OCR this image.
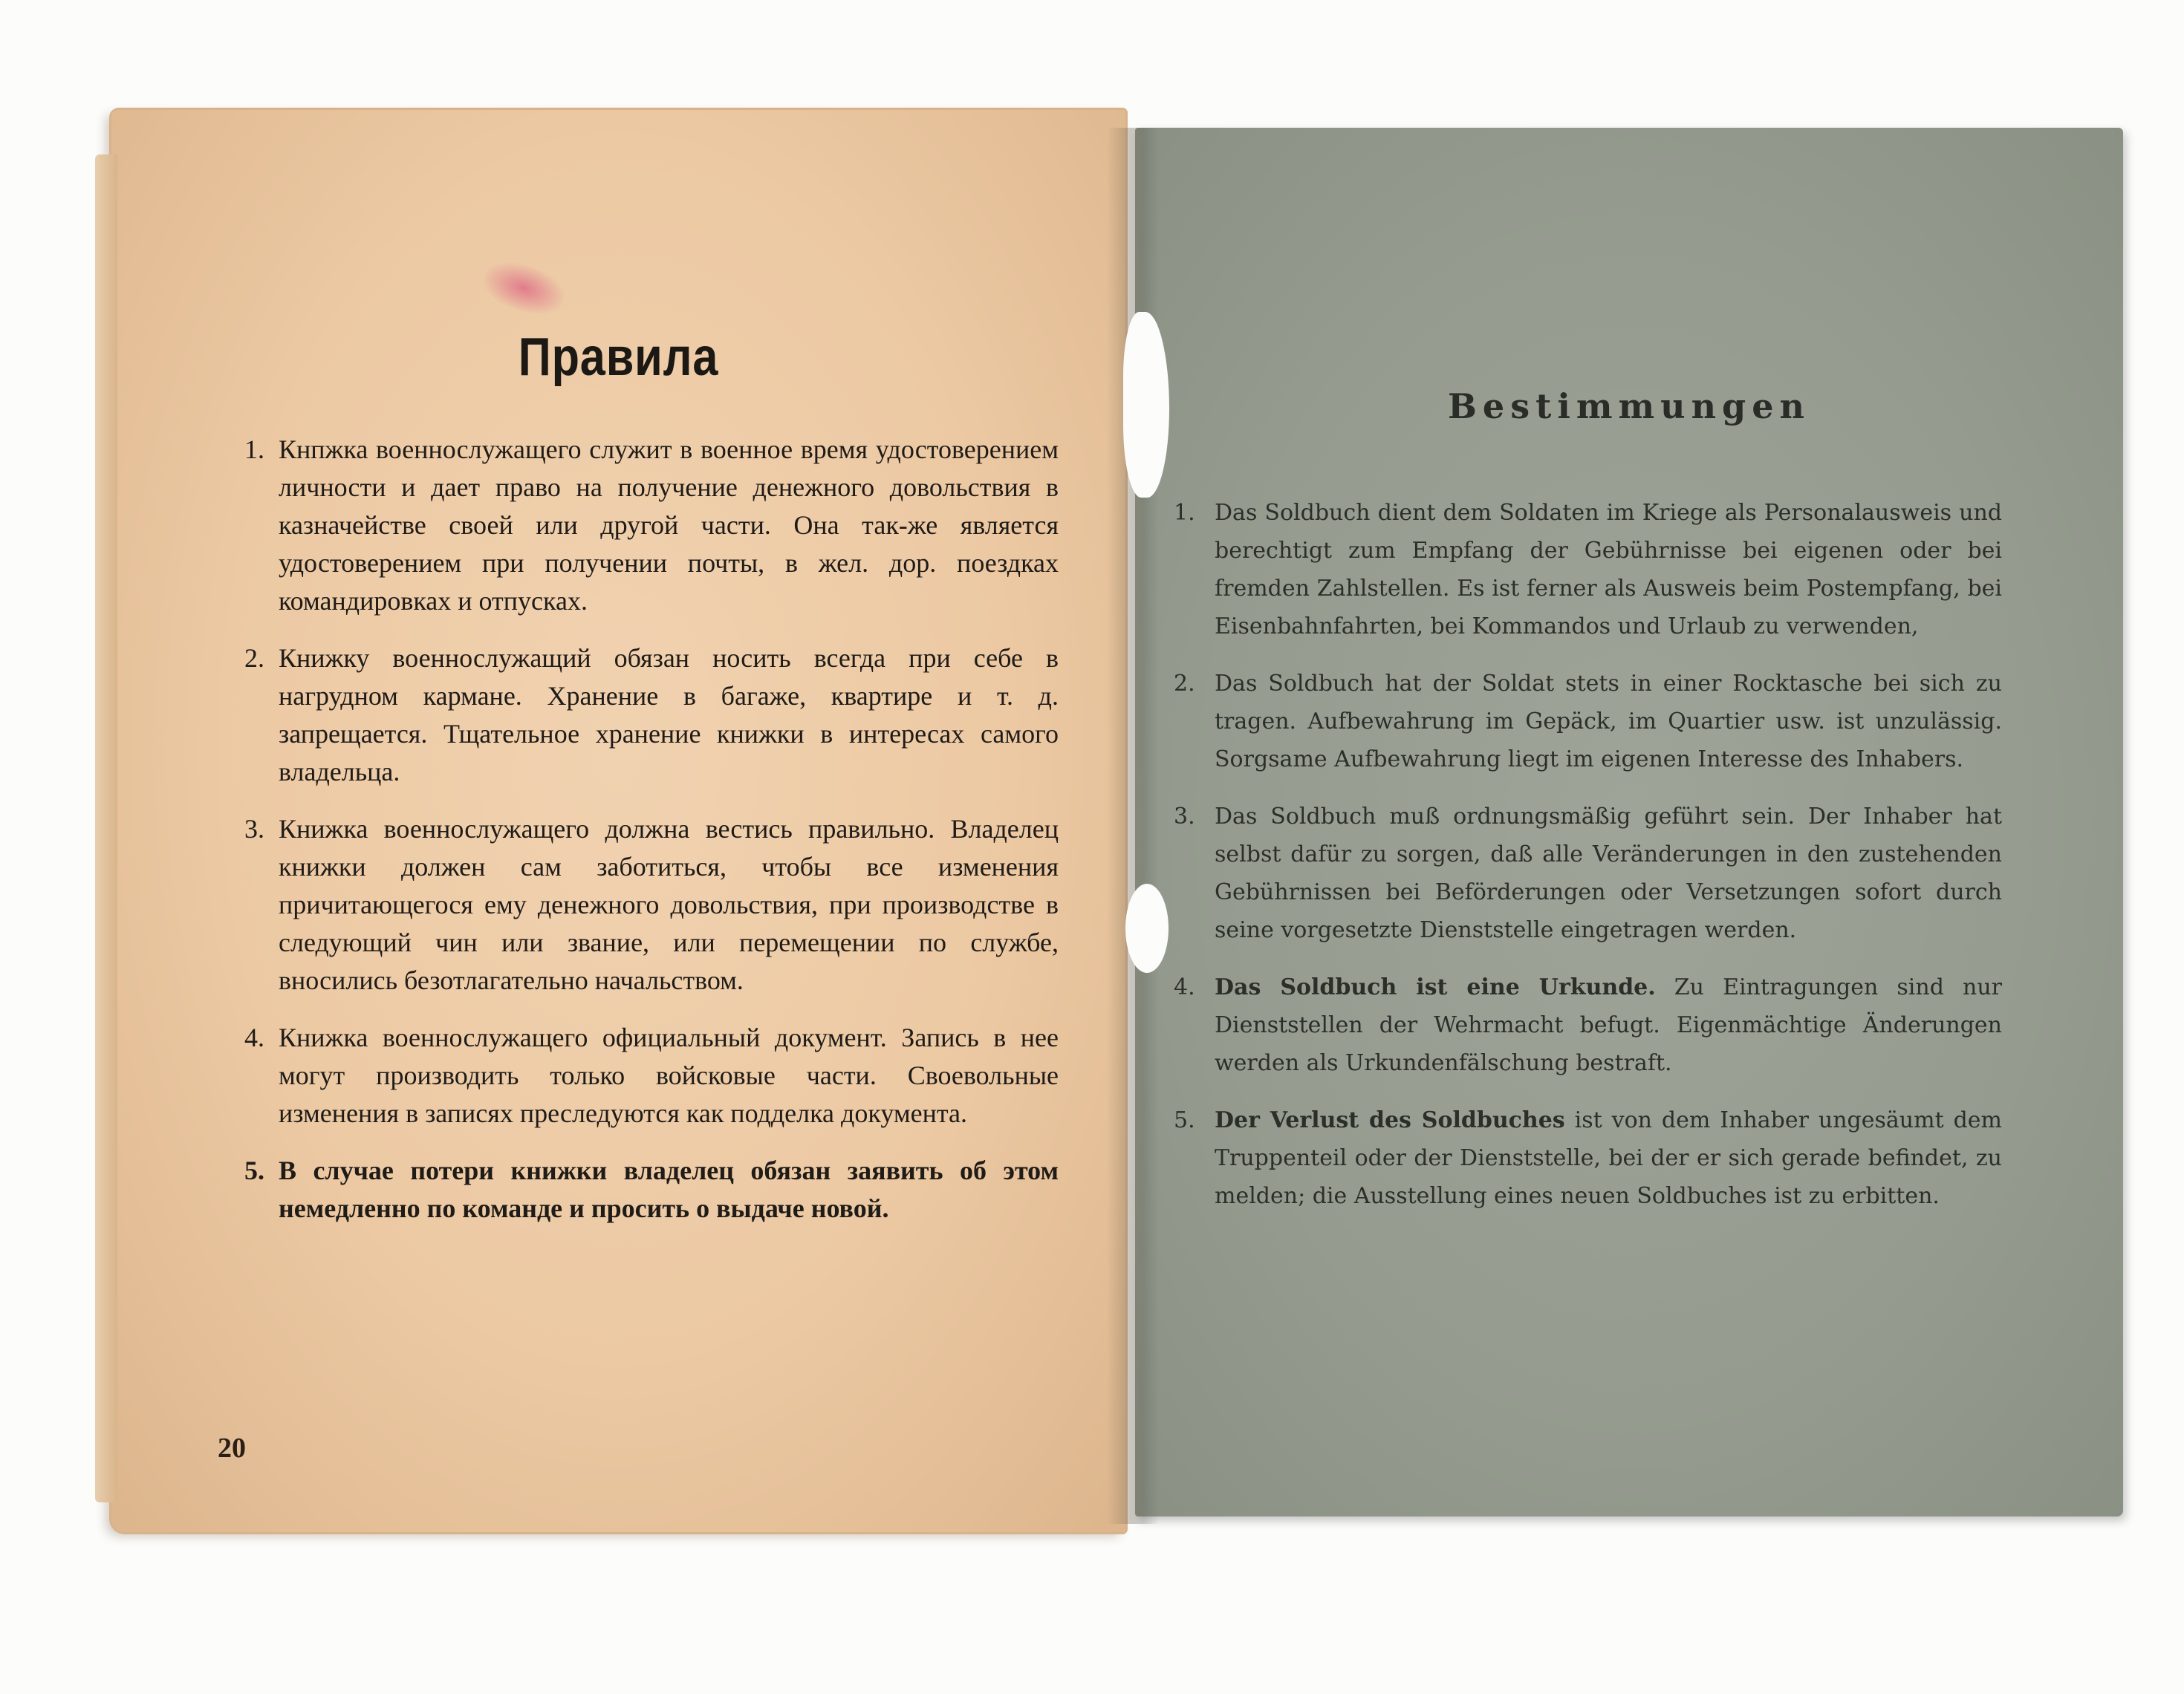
Правила
1. Кнпжка военнослужащего служит в военное время удостоверением личности и дает право на получение денежного довольствия в казначействе своей или другой части. Она так-же является удостоверением при получении почты, в жел. дор. поездках командировках и отпусках.
2. Книжку военнослужащий обязан носить всегда при себе в нагрудном кармане. Хранение в багаже, квартире и т. д. запрещается. Тщательное хранение книжки в интересах самого владельца.
3. Книжка военнослужащего должна вестись правильно. Владелец книжки должен сам заботиться, чтобы все изменения причитающегося ему денежного довольствия, при производстве в следующий чин или звание, или перемещении по службе, вносились безотлагательно начальством.
4. Книжка военнослужащего официальный документ. Запись в нее могут производить только войсковые части. Своевольные изменения в записях преследуются как подделка документа.
5. В случае потери книжки владелец обязан заявить об этом немедленно по команде и просить о выдаче новой.
20
Bestimmungen
1. Das Soldbuch dient dem Soldaten im Kriege als Personalausweis und berechtigt zum Empfang der Gebührnisse bei eigenen oder bei fremden Zahlstellen. Es ist ferner als Ausweis beim Postempfang, bei Eisenbahnfahrten, bei Kommandos und Urlaub zu verwenden,
2. Das Soldbuch hat der Soldat stets in einer Rocktasche bei sich zu tragen. Aufbewahrung im Gepäck, im Quartier usw. ist unzulässig. Sorgsame Aufbewahrung liegt im eigenen Interesse des Inhabers.
3. Das Soldbuch muß ordnungsmäßig geführt sein. Der Inhaber hat selbst dafür zu sorgen, daß alle Veränderungen in den zustehenden Gebührnissen bei Beförderungen oder Versetzungen sofort durch seine vorgesetzte Dienststelle eingetragen werden.
4. Das Soldbuch ist eine Urkunde. Zu Eintragungen sind nur Dienststellen der Wehrmacht befugt. Eigenmächtige Änderungen werden als Urkundenfälschung bestraft.
5. Der Verlust des Soldbuches ist von dem Inhaber ungesäumt dem Truppenteil oder der Dienststelle, bei der er sich gerade befindet, zu melden; die Ausstellung eines neuen Soldbuches ist zu erbitten.
